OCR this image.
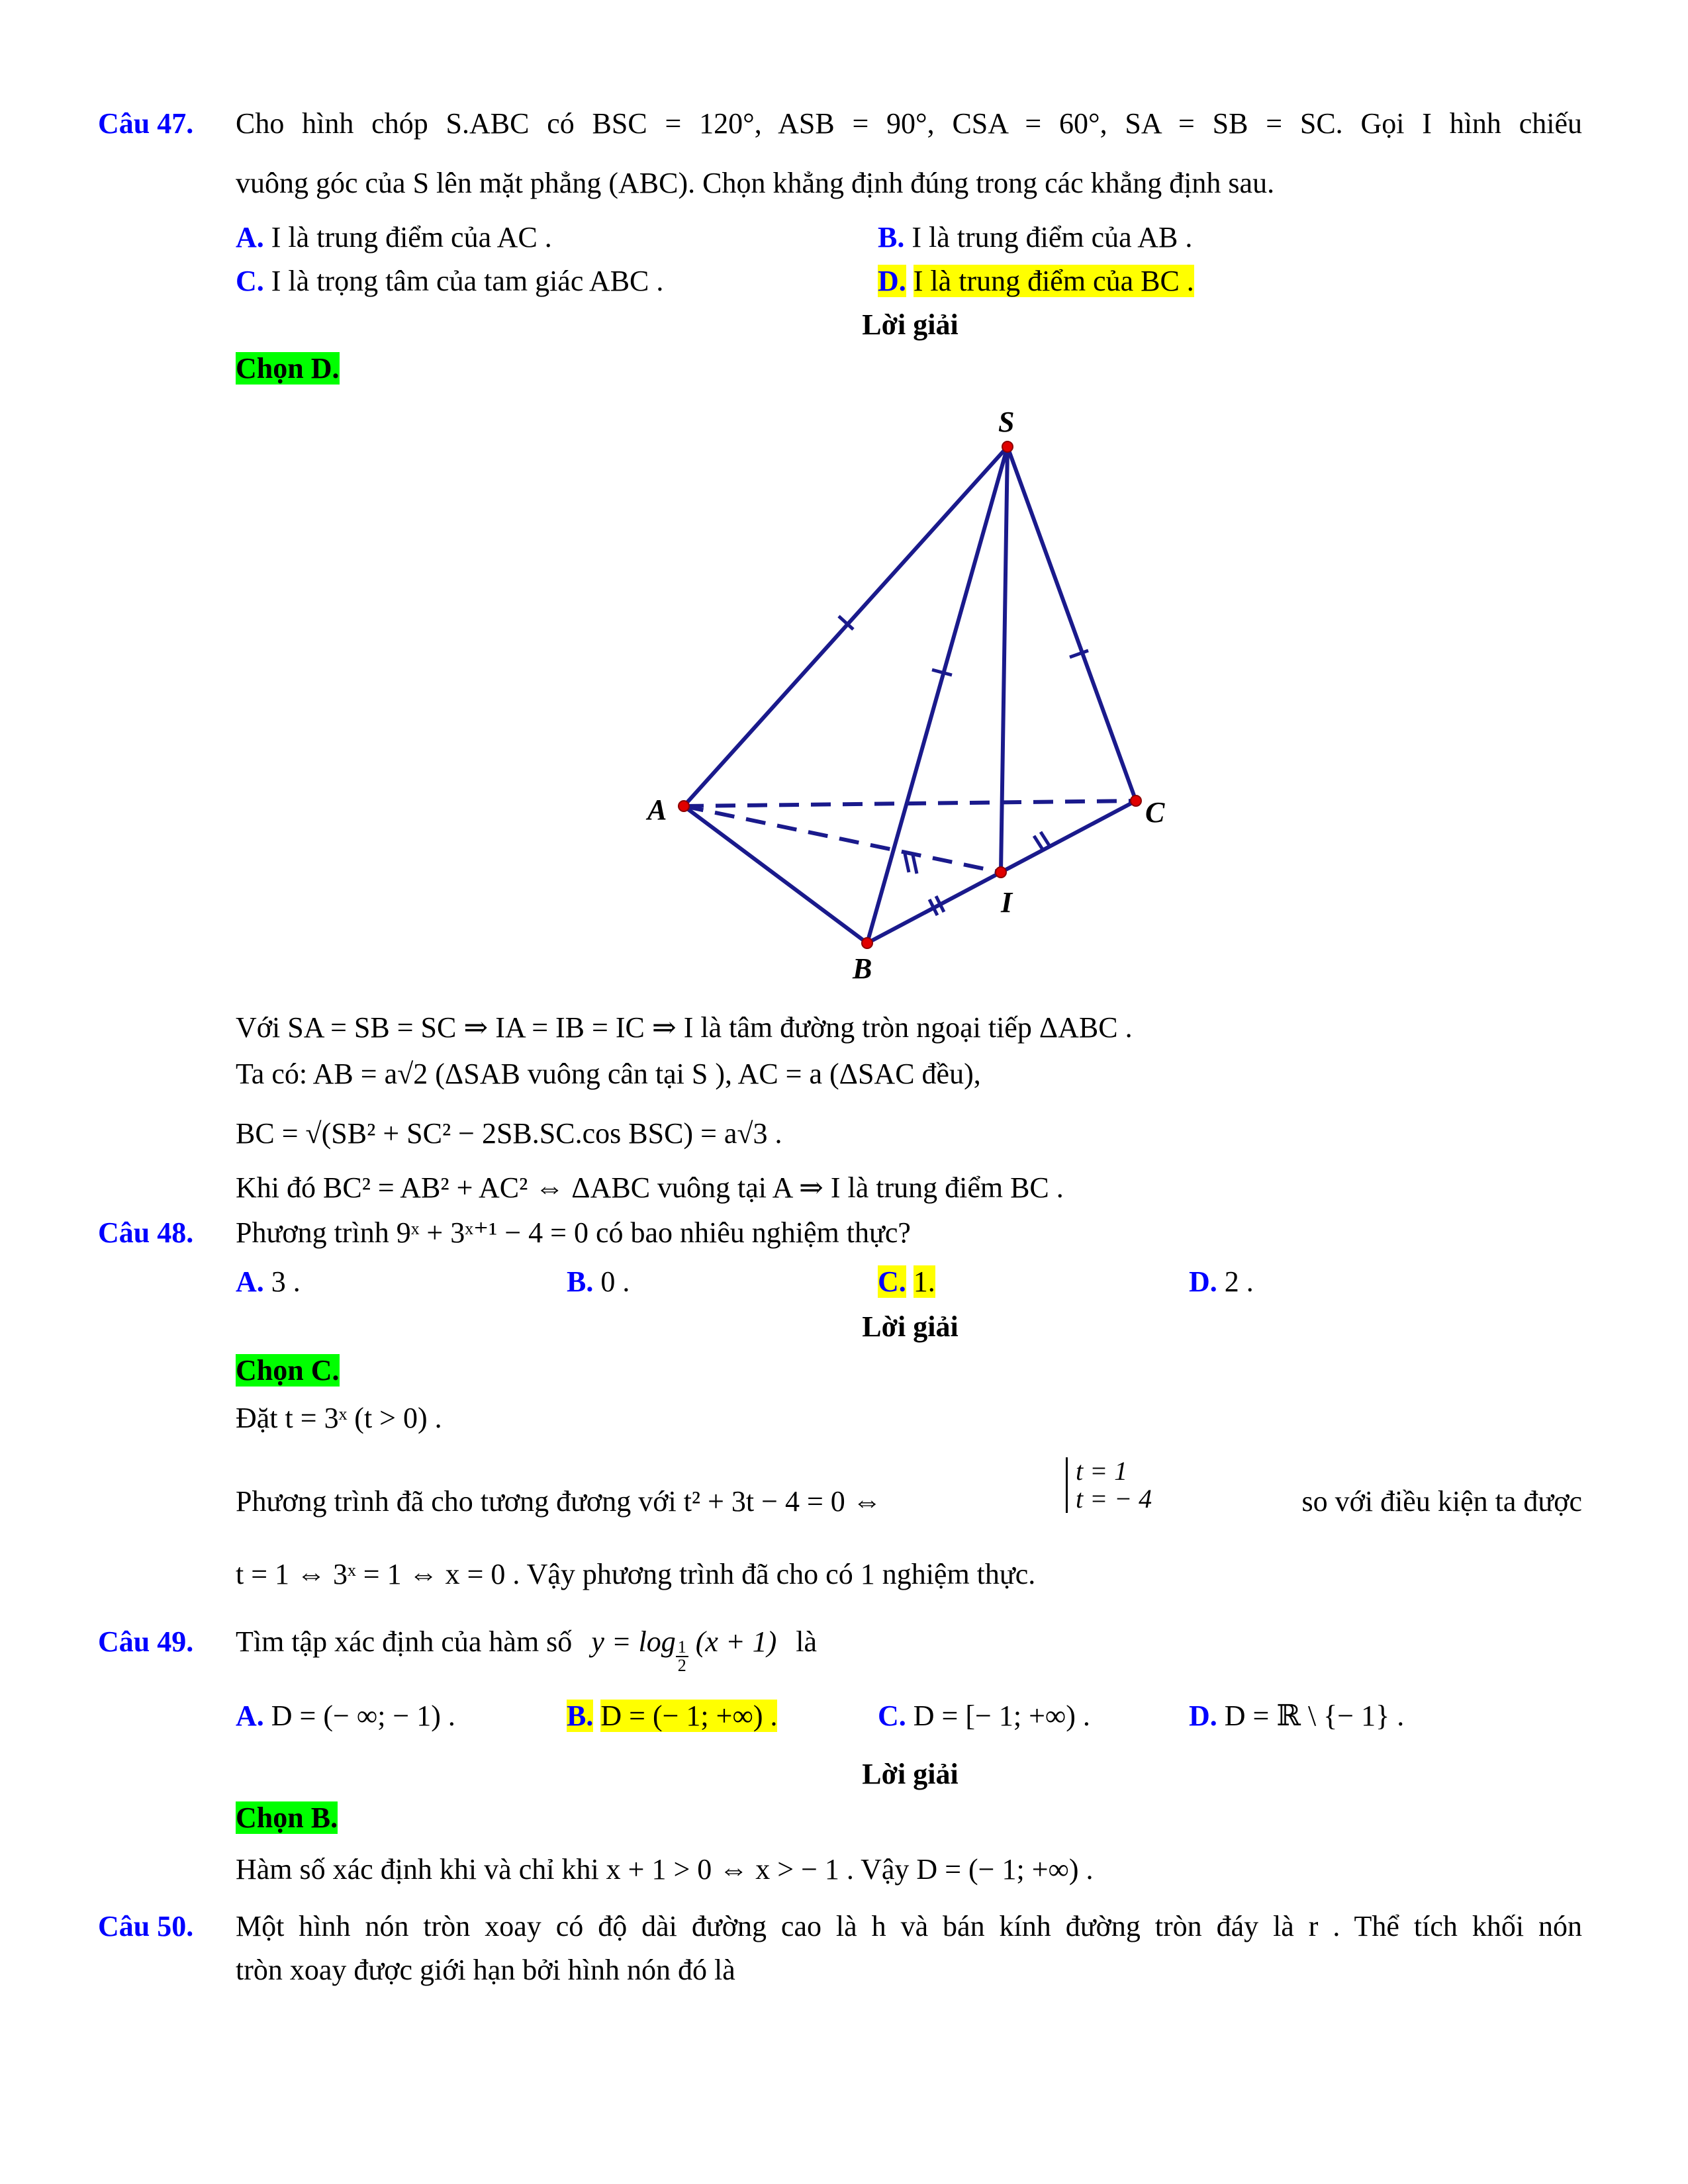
Câu 47. Cho hình chóp S.ABC có BSC = 120°, ASB = 90°, CSA = 60°, SA = SB = SC. Gọi I hình chiếu
vuông góc của S lên mặt phẳng (ABC). Chọn khẳng định đúng trong các khẳng định sau.
A. I là trung điểm của AC .	B. I là trung điểm của AB .
C. I là trọng tâm của tam giác ABC .	D. I là trung điểm của BC .
Lời giải
Chọn D.
S
A	C
B
I
Với SA = SB = SC ⇒ IA = IB = IC ⇒ I là tâm đường tròn ngoại tiếp ΔABC .
Ta có: AB = a√2 (ΔSAB vuông cân tại S ), AC = a (ΔSAC đều),
BC = √(SB² + SC² − 2SB.SC.cos BSC) = a√3 .
Khi đó BC² = AB² + AC² ⇔ ΔABC vuông tại A ⇒ I là trung điểm BC .
Câu 48. Phương trình 9ˣ + 3ˣ⁺¹ − 4 = 0 có bao nhiêu nghiệm thực?
A. 3 .	B. 0 .	C. 1.	D. 2 .
Lời giải
Chọn C.
Đặt t = 3ˣ (t > 0) .
Phương trình đã cho tương đương với t² + 3t − 4 = 0 ⇔
t = 1
t = − 4	so với điều kiện ta được
t = 1 ⇔ 3ˣ = 1 ⇔ x = 0 . Vậy phương trình đã cho có 1 nghiệm thực.
Câu 49. Tìm tập xác định của hàm số $y = \log \frac{1}{2} (x + 1)$ là
A. D = (− ∞; − 1) .	B. D = (− 1; +∞) .	C. D = [− 1; +∞) .	D. D = ℝ \ {− 1} .
Lời giải
Chọn B.
Hàm số xác định khi và chỉ khi x + 1 > 0 ⇔ x > − 1 . Vậy D = (− 1; +∞) .
Câu 50. Một hình nón tròn xoay có độ dài đường cao là h và bán kính đường tròn đáy là r . Thể tích khối nón
tròn xoay được giới hạn bởi hình nón đó là
